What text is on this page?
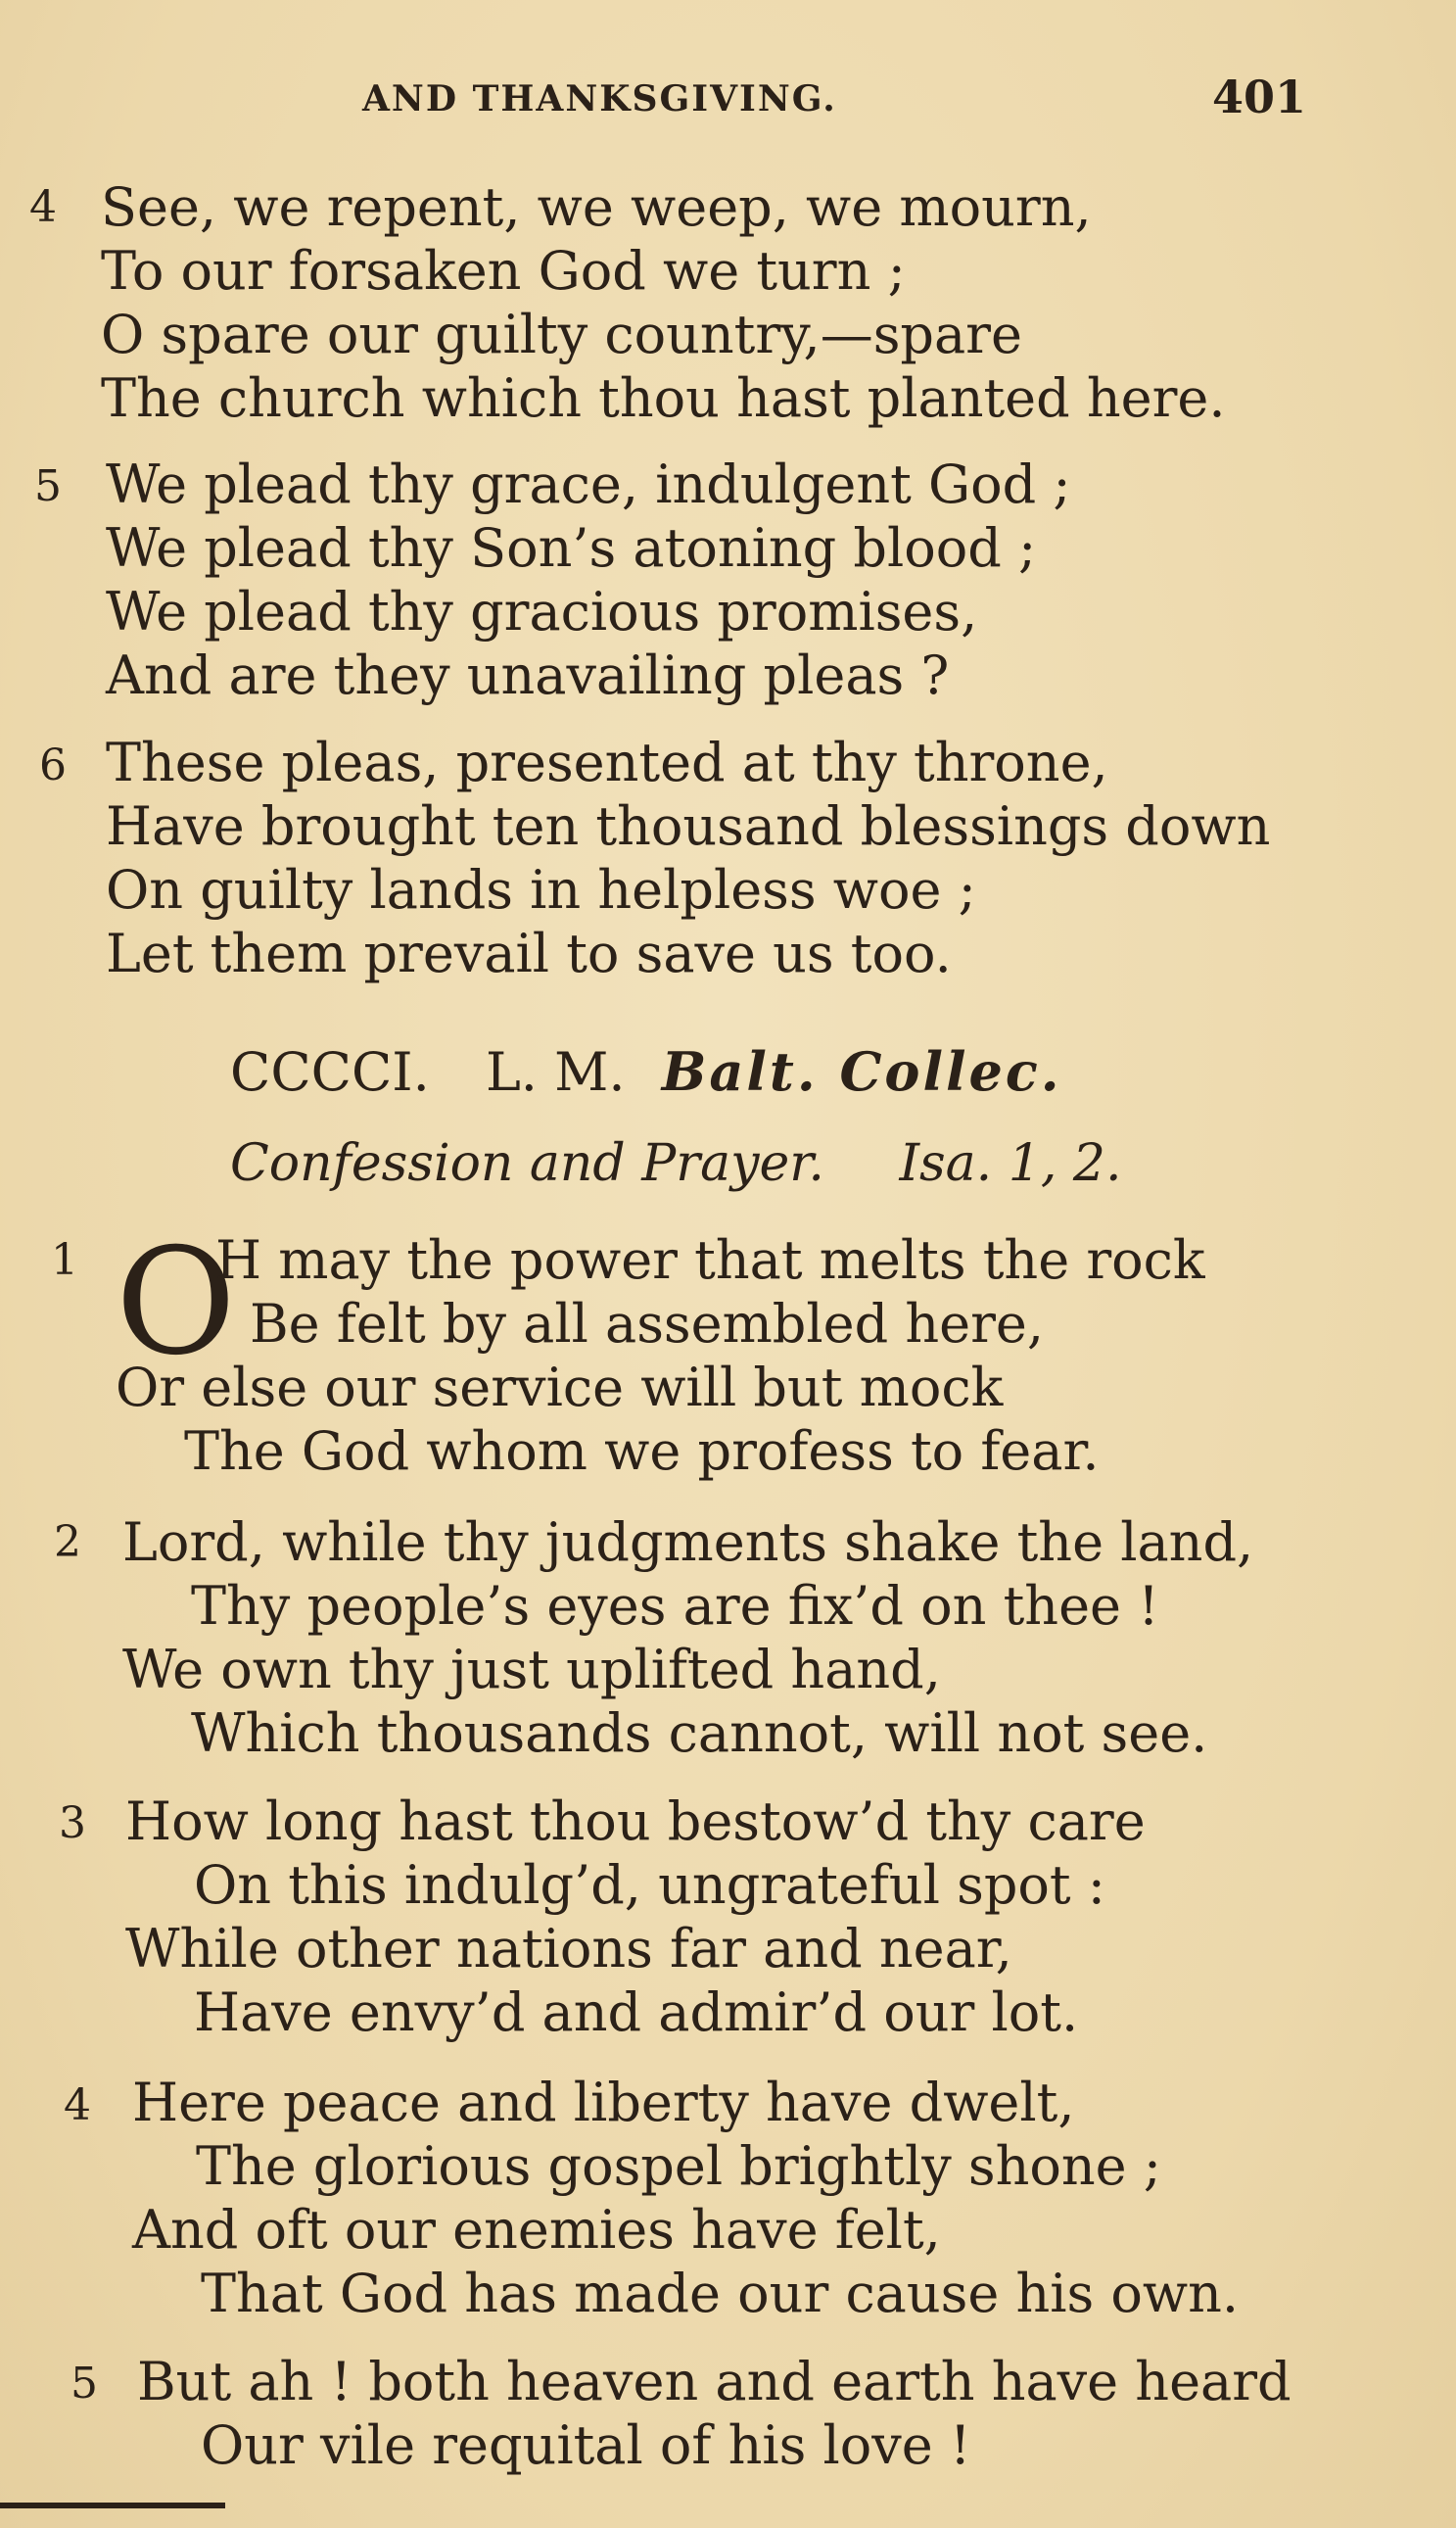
AND THANKSGIVING.	401
4 See, we repent, we weep, we mourn,
To our forsaken God we turn ;
O spare our guilty country,—spare
The church which thou hast planted here.
5 We plead thy grace, indulgent God ;
We plead thy Son’s atoning blood ;
We plead thy gracious promises,
And are they unavailing pleas ?
6 These pleas, presented at thy throne,
Have brought ten thousand blessings down
On guilty lands in helpless woe ;
Let them prevail to save us too.
CCCCI. L. M. Balt. Collec.
Confession and Prayer. Isa. 1, 2.
1 O
H may the power that melts the rock
Be felt by all assembled here,
Or else our service will but mock
The God whom we profess to fear.
2 Lord, while thy judgments shake the land,
Thy people’s eyes are fix’d on thee !
We own thy just uplifted hand,
Which thousands cannot, will not see.
3 How long hast thou bestow’d thy care
On this indulg’d, ungrateful spot :
While other nations far and near,
Have envy’d and admir’d our lot.
4 Here peace and liberty have dwelt,
The glorious gospel brightly shone ;
And oft our enemies have felt,
That God has made our cause his own.
5 But ah ! both heaven and earth have heard
Our vile requital of his love !
